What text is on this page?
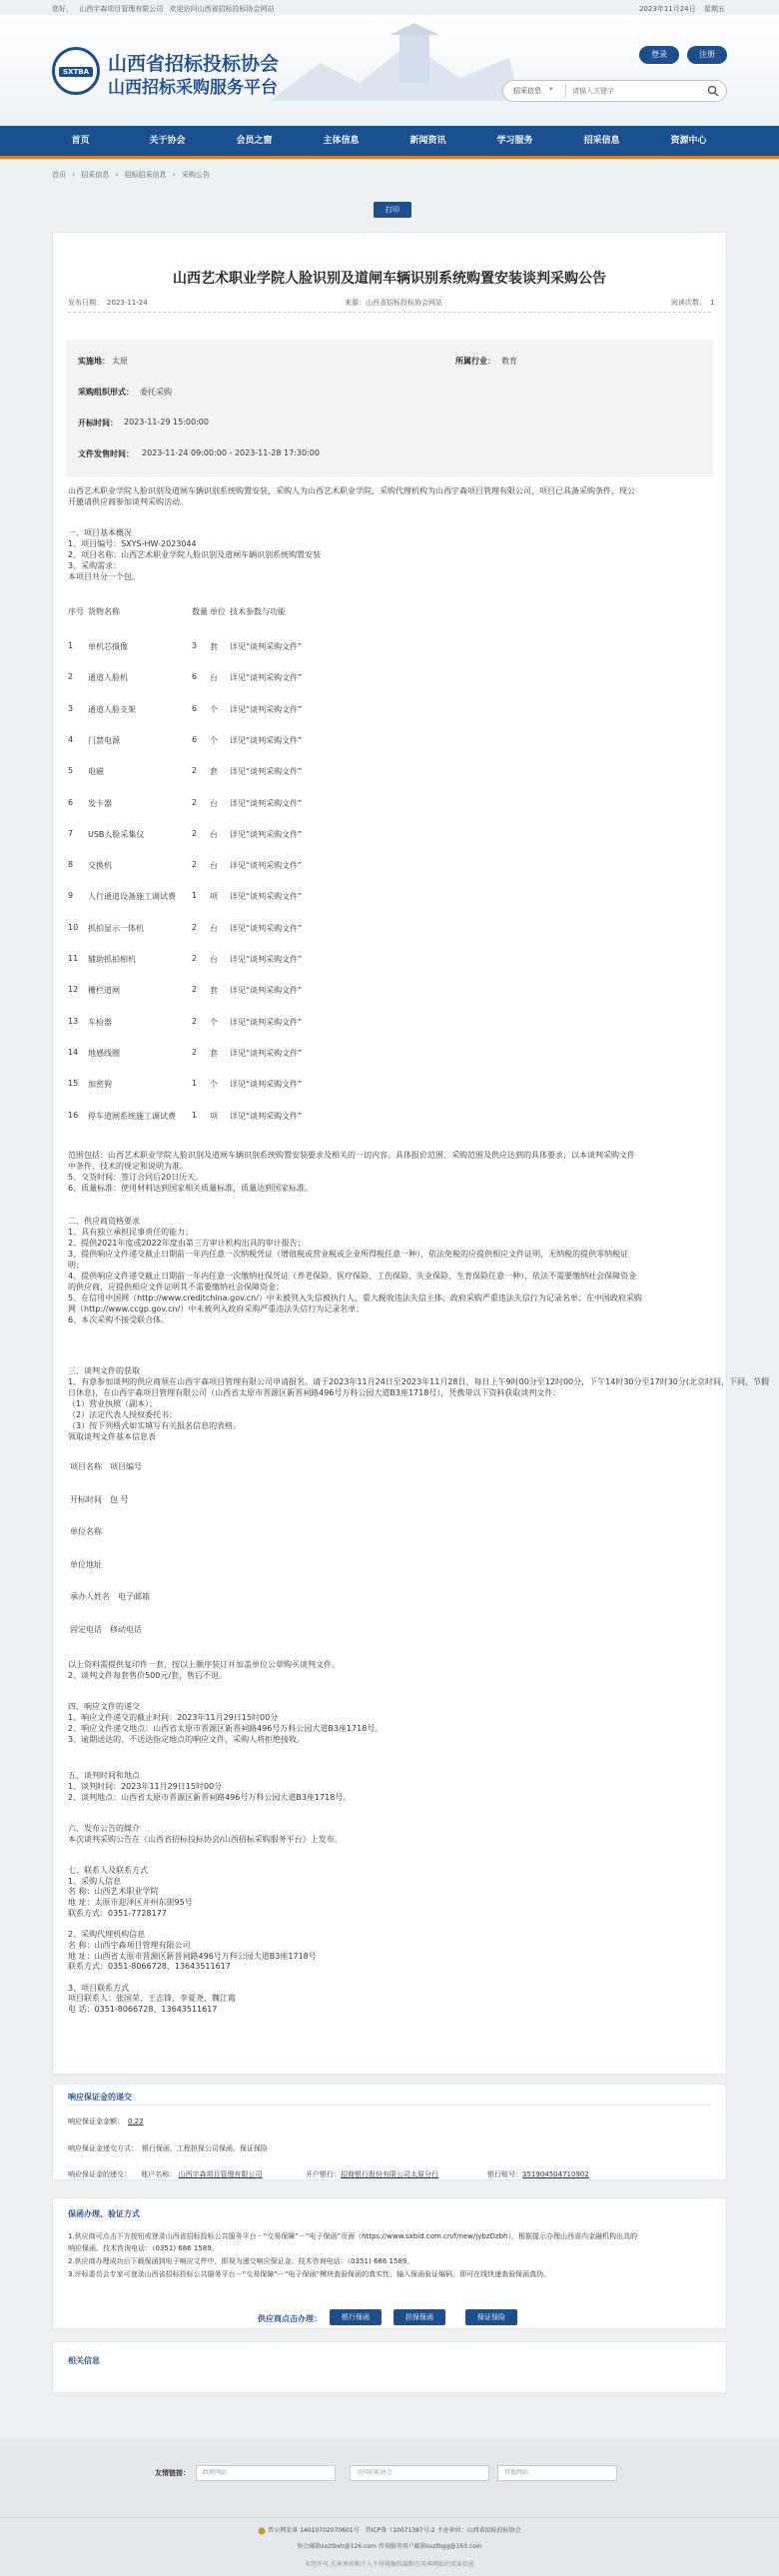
您好， 山西宇森项目管理有限公司 欢迎访问山西省招标投标协会网站	2023年11月24日 星期五
SXTBA 山西省招标投标协会
山西招标采购服务平台
登录	注册
招采信息 ▾
请输入关键字
首页	关于协会	会员之窗	主体信息	新闻资讯	学习服务	招采信息	资源中心
首页 › 招采信息 › 招标招采信息 › 采购公告
打印
山西艺术职业学院人脸识别及道闸车辆识别系统购置安装谈判采购公告
发布日期： 2023-11-24	来源：山西省招标投标协会网站	阅读次数： 1
实施地： 太原	所属行业： 教育
采购组织形式： 委托采购
开标时间： 2023-11-29 15:00:00
文件发售时间： 2023-11-24 09:00:00 - 2023-11-28 17:30:00
山西艺术职业学院人脸识别及道闸车辆识别系统购置安装，采购人为山西艺术职业学院，采购代理机构为山西宇森项目管理有限公司，项目已具备采购条件，现公
开邀请供应商参加谈判采购活动。
一、项目基本概况
1、项目编号：SXYS-HW-2023044
2、项目名称：山西艺术职业学院人脸识别及道闸车辆识别系统购置安装
3、采购需求：
本项目共分一个包。
序号 货物名称	数量 单位 技术参数与功能
1 单机芯摄像	3 套 详见“谈判采购文件”
2 通道人脸机	6 台 详见“谈判采购文件”
3 通道人脸支架	6 个 详见“谈判采购文件”
4 门禁电源	6 个 详见“谈判采购文件”
5 电磁	2 套 详见“谈判采购文件”
6 发卡器	2 台 详见“谈判采购文件”
7 USB人脸采集仪	2 台 详见“谈判采购文件”
8 交换机	2 台 详见“谈判采购文件”
9 人行通道设备施工调试费 1 项 详见“谈判采购文件”
10 抓拍显示一体机	2 台 详见“谈判采购文件”
11 辅助抓拍相机	2 台 详见“谈判采购文件”
12 栅栏道闸	2 套 详见“谈判采购文件”
13 车检器	2 个 详见“谈判采购文件”
14 地感线圈	2 套 详见“谈判采购文件”
15 加密狗	1 个 详见“谈判采购文件”
16 停车道闸系统施工调试费 1 项 详见“谈判采购文件”
范围包括：山西艺术职业学院人脸识别及道闸车辆识别系统购置安装要求及相关的一切内容。具体报价范围、采购范围及供应达到的具体要求，以本谈判采购文件
中条件、技术的规定和说明为准。
5、交货时间：签订合同后20日历天。
6、质量标准：使用材料达到国家相关质量标准，质量达到国家标准。
二、供应商资格要求
1、具有独立承担民事责任的能力；
2、提供2021年度或2022年度由第三方审计机构出具的审计报告；
3、提供响应文件递交截止日期前一年内任意一次纳税凭证（增值税或营业税或企业所得税任意一种），依法免税的应提供相应文件证明，无纳税的提供零纳税证
明；
4、提供响应文件递交截止日期前一年内任意一次缴纳社保凭证（养老保险、医疗保险、工伤保险、失业保险、生育保险任意一种），依法不需要缴纳社会保障资金
的供应商，应提供相应文件证明其不需要缴纳社会保障资金；
5、在信用中国网（http://www.creditchina.gov.cn/）中未被列入失信被执行人、重大税收违法失信主体、政府采购严重违法失信行为记录名单；在中国政府采购
网（http://www.ccgp.gov.cn/）中未被列入政府采购严重违法失信行为记录名单；
6、本次采购不接受联合体。
三、谈判文件的获取
1、有意参加谈判的供应商须在山西宇森项目管理有限公司申请报名。请于2023年11月24日至2023年11月28日，每日上午9时00分至12时00分，下午14时30分至17时30分(北京时间，下同，节假
日休息)，在山西宇森项目管理有限公司（山西省太原市晋源区新晋祠路496号万科公园大道B3座1718号），凭携带以下资料获取谈判文件：
（1）营业执照（副本）；
（2）法定代表人授权委托书；
（3）按下列格式如实填写有关报名信息的表格。
领取谈判文件基本信息表
项目名称　项目编号
开标时间　包 号
单位名称
单位地址
承办人姓名　电子邮箱
固定电话　移动电话
以上资料需提供复印件一套，按以上顺序装订并加盖单位公章购买谈判文件。
2、谈判文件每套售价500元/套，售后不退。
四、响应文件的递交
1、响应文件递交的截止时间：2023年11月29日15时00分
2、响应文件递交地点：山西省太原市晋源区新晋祠路496号万科公园大道B3座1718号。
3、逾期送达的、不送达指定地点的响应文件，采购人将拒绝接收。
五、谈判时间和地点
1、谈判时间：2023年11月29日15时00分
2、谈判地点：山西省太原市晋源区新晋祠路496号万科公园大道B3座1718号。
六、发布公告的媒介
本次谈判采购公告在《山西省招标投标协会/山西招标采购服务平台》上发布。
七、联系人及联系方式
1、采购人信息
名 称：山西艺术职业学院
地 址：太原市迎泽区并州东街95号
联系方式：0351-7728177
2、采购代理机构信息
名 称：山西宇森项目管理有限公司
地 址：山西省太原市晋源区新晋祠路496号万科公园大道B3座1718号
联系方式：0351-8066728、13643511617
3、项目联系方式
项目联系人：张国荣、王志锋、李夏尧、魏江霞
电 话：0351-8066728、13643511617
响应保证金的递交
响应保证金金额： 0.22
响应保证金递交方式： 银行保函、工程担保公司保函、保证保险
响应保证金的递交： 账户名称： 山西宇森项目管理有限公司	开户银行：招商银行股份有限公司太原分行	银行账号：351904504710902
保函办理、验证方式
1.供应商可点击下方按钮或登录山西省招标投标公共服务平台－“交易保障”－“电子保函”页面（https://www.sxbid.com.cn/f/new/jybzDzbh），根据提示办理山西省内金融机构出具的
响应保函。技术咨询电话：（0351) 686 1589。
2.供应商办理成功后下载保函到电子响应文件中，即视为递交响应保证金。技术咨询电话：（0351) 686 1589。
3.评标委员会专家可登录山西省招标投标公共服务平台－“交易保障”－“电子保函”模块查验保函的真实性，输入保函验证编码，即可在线快速查验保函真伪。
供应商点击办理：	银行保函	担保保函	保证保险
相关信息
友情链接：	政府网站	全国招标协会	其他网站
晋公网安备 14010702070601号　晋ICP备（10071387号-2 主办单位：山西省招标投标协会
协会邮箱sxztbxh@126.com 咨询服务用户邮箱sxztbgg@163.com
未经许可,任何单位和个人不得镜像转载和引用本网站的页面信息
